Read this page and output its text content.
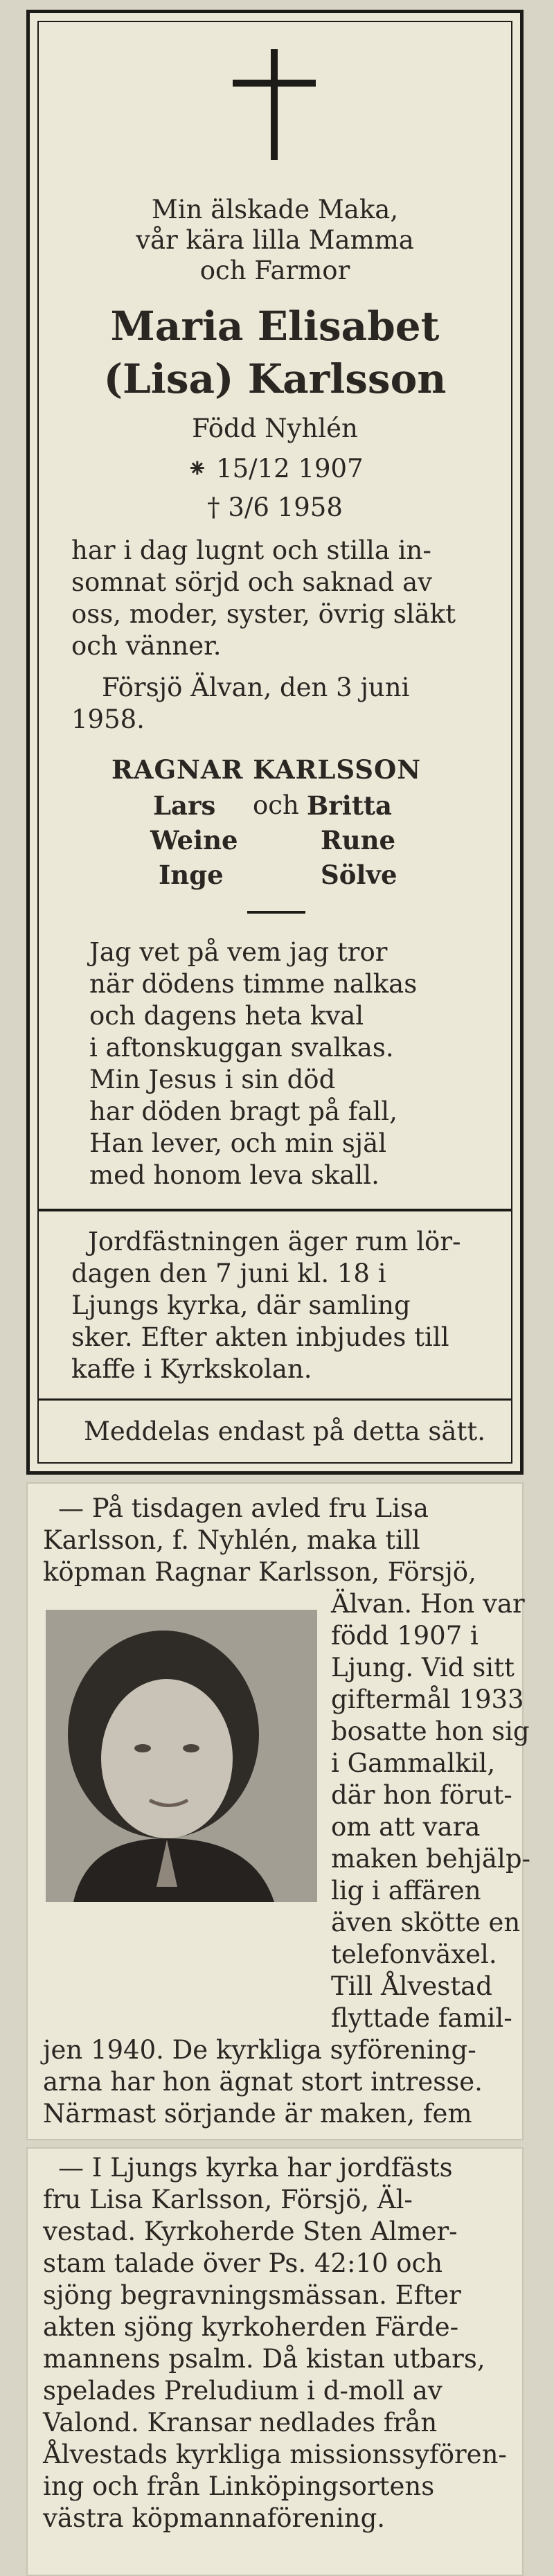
Min älskade Maka,
vår kära lilla Mamma
och Farmor
Maria Elisabet
(Lisa) Karlsson
Född Nyhlén
⁕ 15/12 1907
† 3/6 1958
har i dag lugnt och stilla in-
somnat sörjd och saknad av
oss, moder, syster, övrig släkt
och vänner.
Försjö Älvan, den 3 juni
1958.
RAGNAR KARLSSON
Lars och Britta
Weine	Rune
Inge	Sölve
Jag vet på vem jag tror
när dödens timme nalkas
och dagens heta kval
i aftonskuggan svalkas.
Min Jesus i sin död
har döden bragt på fall,
Han lever, och min själ
med honom leva skall.
Jordfästningen äger rum lör-
dagen den 7 juni kl. 18 i
Ljungs kyrka, där samling
sker. Efter akten inbjudes till
kaffe i Kyrkskolan.
Meddelas endast på detta sätt.
— På tisdagen avled fru Lisa
Karlsson, f. Nyhlén, maka till
köpman Ragnar Karlsson, Försjö,
Älvan. Hon var
född 1907 i
Ljung. Vid sitt
giftermål 1933
bosatte hon sig
i Gammalkil,
där hon förut-
om att vara
maken behjälp-
lig i affären
även skötte en
telefonväxel.
Till Ålvestad
flyttade famil-
jen 1940. De kyrkliga syförening-
arna har hon ägnat stort intresse.
Närmast sörjande är maken, fem
— I Ljungs kyrka har jordfästs
fru Lisa Karlsson, Försjö, Äl-
vestad. Kyrkoherde Sten Almer-
stam talade över Ps. 42:10 och
sjöng begravningsmässan. Efter
akten sjöng kyrkoherden Färde-
mannens psalm. Då kistan utbars,
spelades Preludium i d-moll av
Valond. Kransar nedlades från
Ålvestads kyrkliga missionssyfören-
ing och från Linköpingsortens
västra köpmannaförening.
